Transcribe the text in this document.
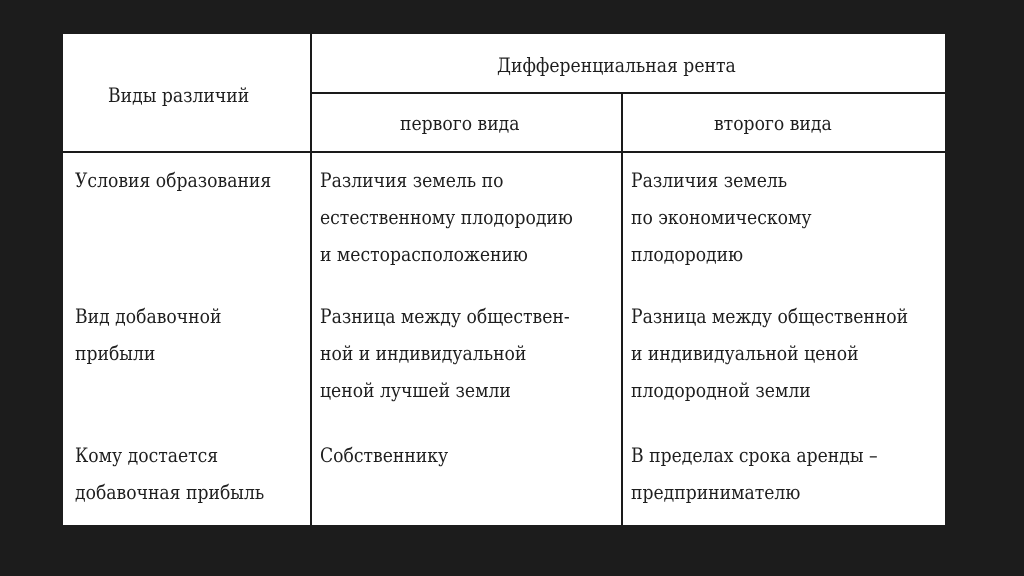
Виды различий
Дифференциальная рента
первого вида	второго вида
Условия образования Различия земель по
естественному плодородию
и месторасположению
Различия земель
по экономическому
плодородию
Вид добавочной
прибыли
Разница между обществен-
ной и индивидуальной
ценой лучшей земли
Разница между общественной
и индивидуальной ценой
плодородной земли
Кому достается
добавочная прибыль
Собственнику	В пределах срока аренды –
предпринимателю
